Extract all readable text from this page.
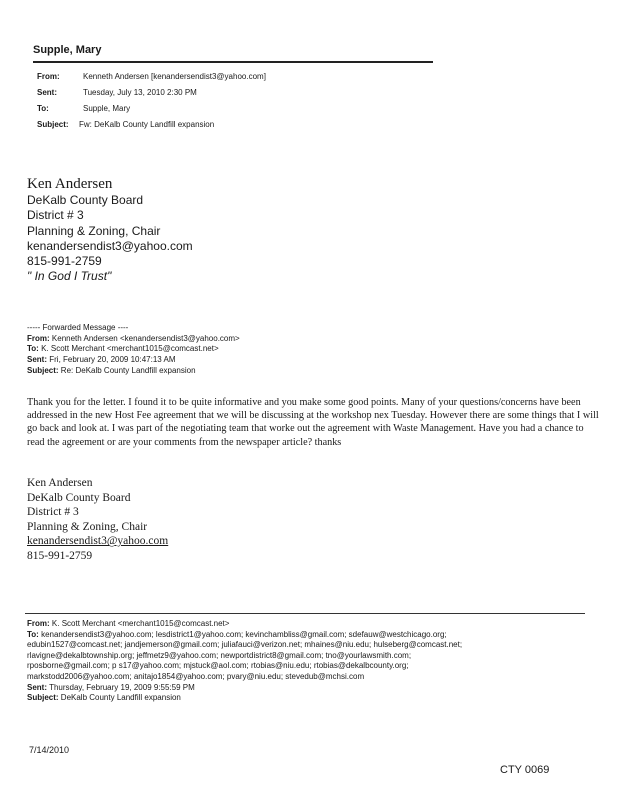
Supple, Mary
From:	Kenneth Andersen [kenandersendist3@yahoo.com]
Sent:	Tuesday, July 13, 2010 2:30 PM
To:	Supple, Mary
Subject: Fw: DeKalb County Landfill expansion
Ken Andersen
DeKalb County Board
District # 3
Planning & Zoning, Chair
kenandersendist3@yahoo.com
815-991-2759
" In God I Trust"
----- Forwarded Message ----
From: Kenneth Andersen <kenandersendist3@yahoo.com>
To: K. Scott Merchant <merchant1015@comcast.net>
Sent: Fri, February 20, 2009 10:47:13 AM
Subject: Re: DeKalb County Landfill expansion
Thank you for the letter. I found it to be quite informative and you make some good points. Many of your questions/concerns have been addressed in the new Host Fee agreement that we will be discussing at the workshop nex Tuesday. However there are some things that I will go back and look at. I was part of the negotiating team that worke out the agreement with Waste Management. Have you had a chance to read the agreement or are your comments from the newspaper article? thanks
Ken Andersen
DeKalb County Board
District # 3
Planning & Zoning, Chair
kenandersendist3@yahoo.com
815-991-2759
From: K. Scott Merchant <merchant1015@comcast.net>
To: kenandersendist3@yahoo.com; lesdistrict1@yahoo.com; kevinchambliss@gmail.com; sdefauw@westchicago.org;
edubin1527@comcast.net; jandjemerson@gmail.com; juliafauci@verizon.net; mhaines@niu.edu; hulseberg@comcast.net;
rlavigne@dekalbtownship.org; jeffmetz9@yahoo.com; newportdistrict8@gmail.com; tno@yourlawsmith.com;
rposborne@gmail.com; p s17@yahoo.com; mjstuck@aol.com; rtobias@niu.edu; rtobias@dekalbcounty.org;
markstodd2006@yahoo.com; anitajo1854@yahoo.com; pvary@niu.edu; stevedub@mchsi.com
Sent: Thursday, February 19, 2009 9:55:59 PM
Subject: DeKalb County Landfill expansion
7/14/2010
CTY 0069
